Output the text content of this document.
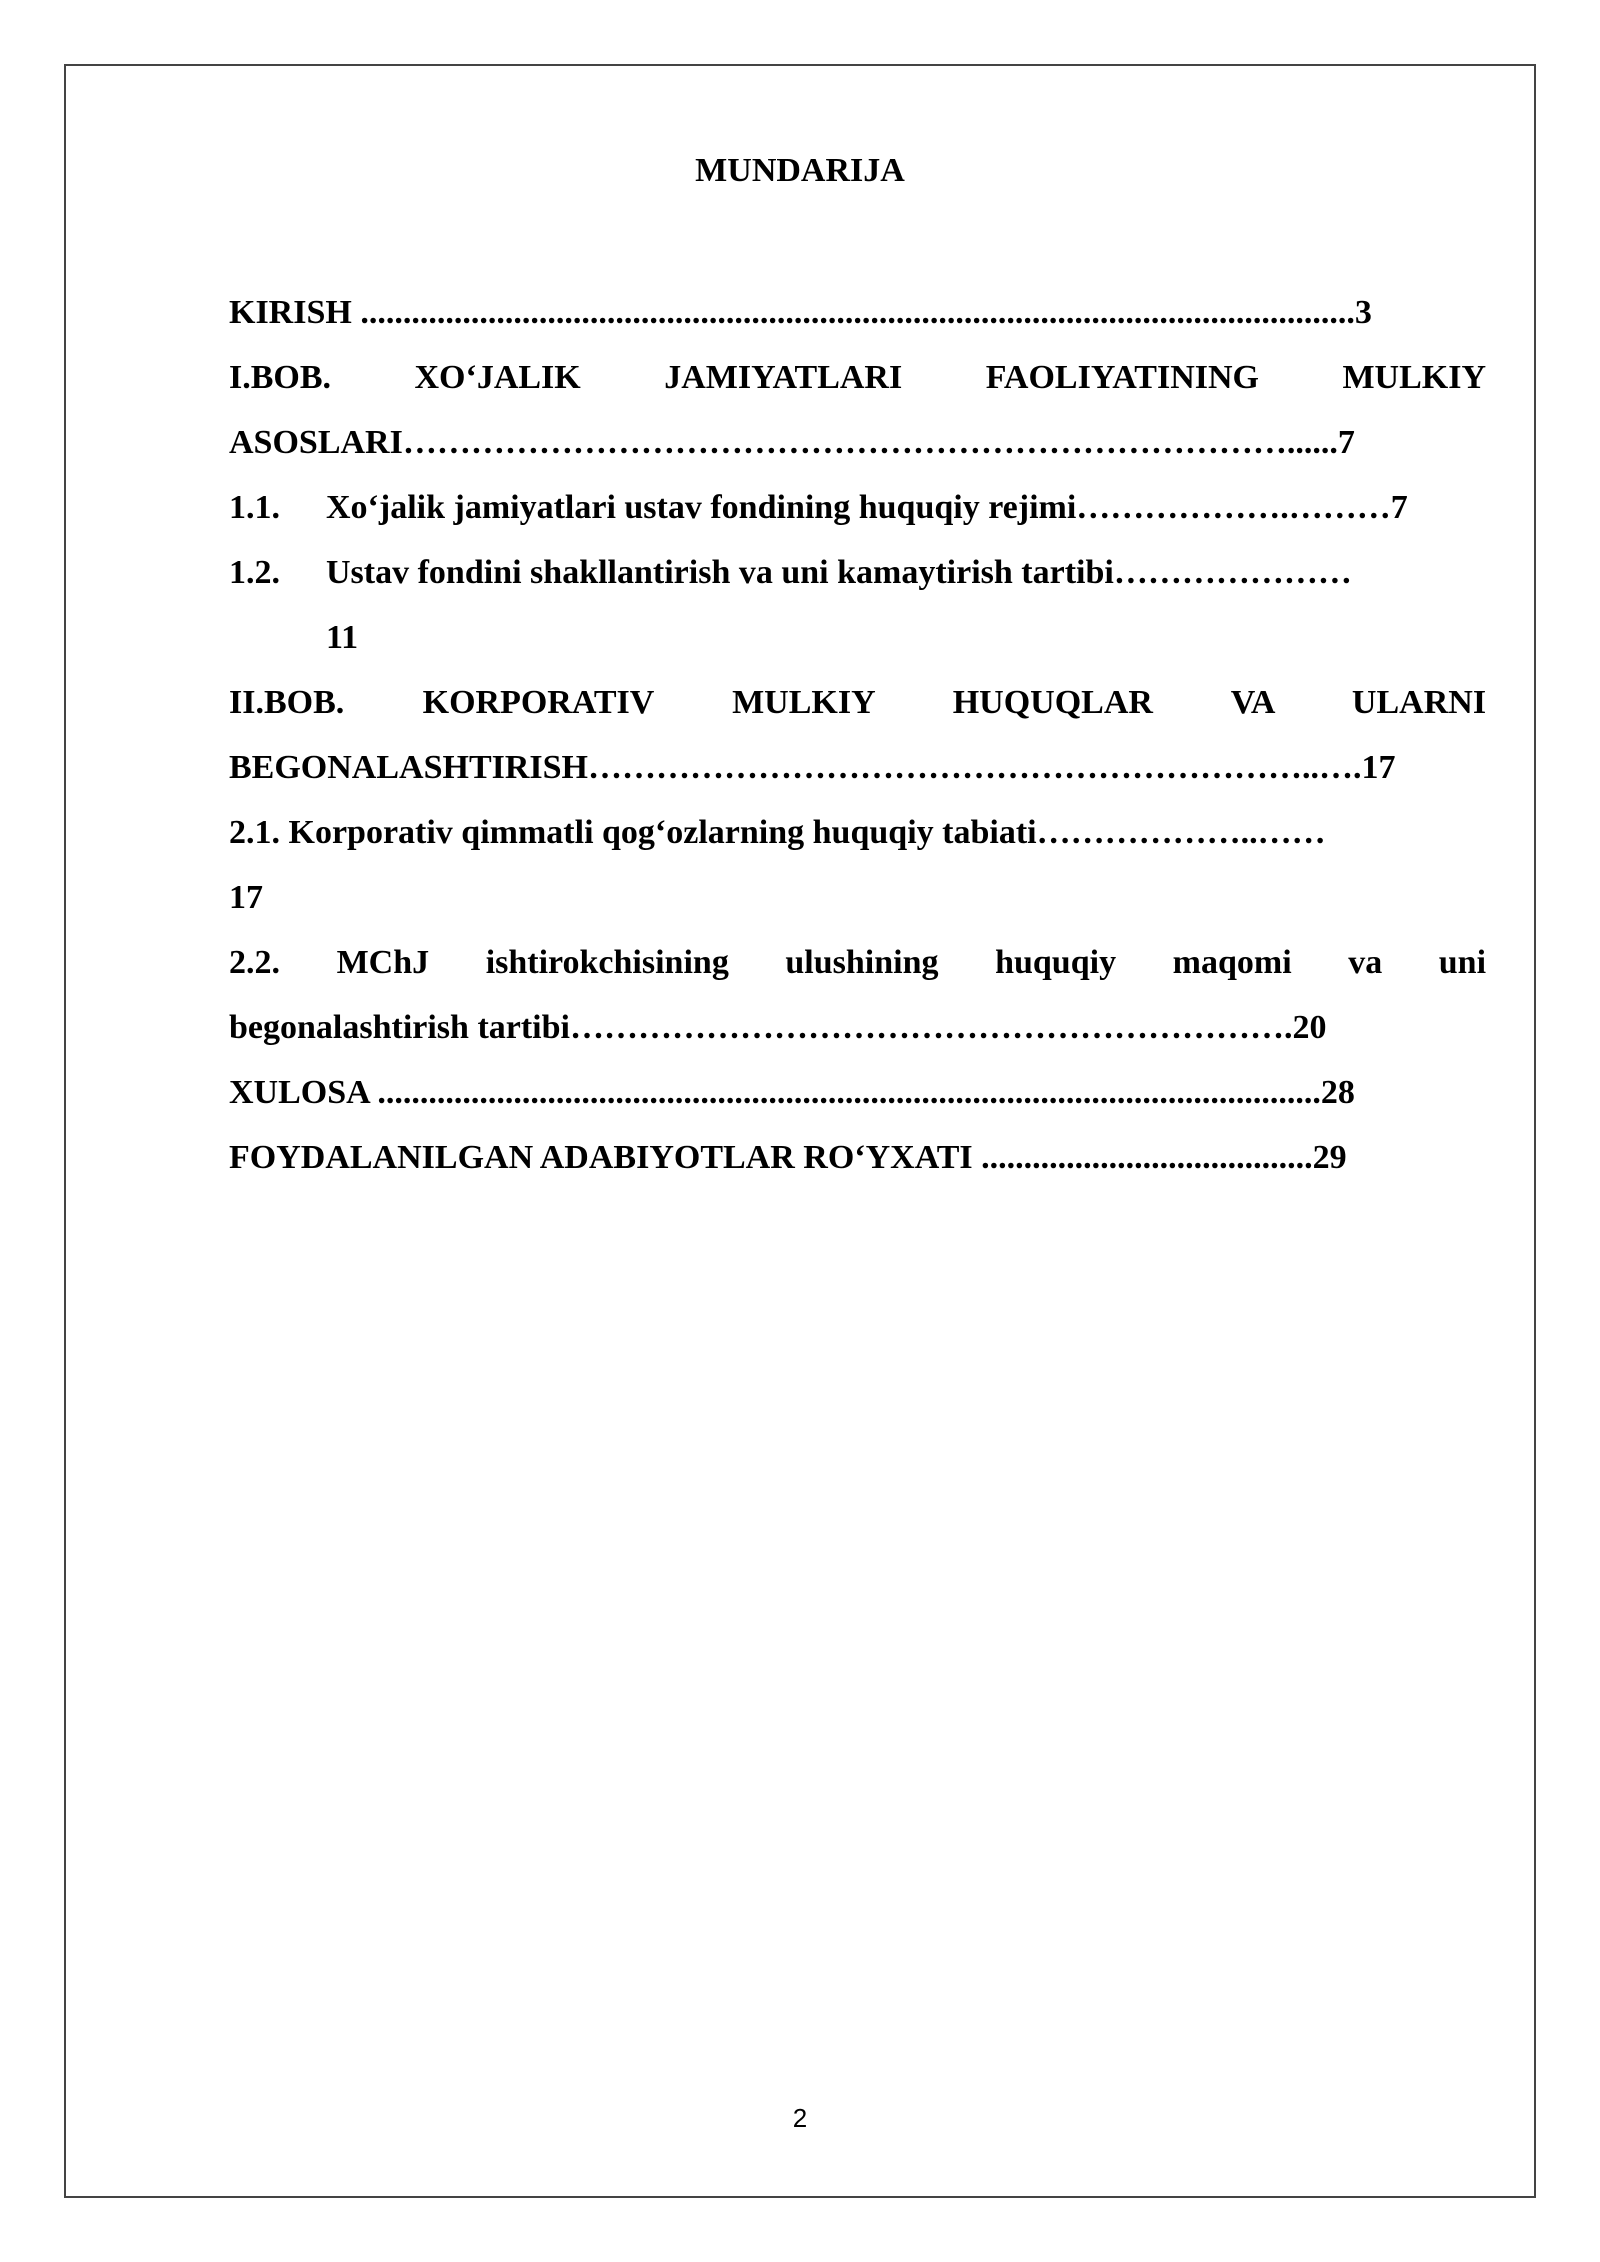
MUNDARIJA
KIRISH .....................................................................................................................3
I.BOB. XO‘JALIK JAMIYATLARI FAOLIYATINING MULKIY
ASOSLARI……………………………………………………………………......7
1.1. Xo‘jalik jamiyatlari ustav fondining huquqiy rejimi……………….………7
1.2. Ustav fondini shakllantirish va uni kamaytirish tartibi…………………
11
II.BOB. KORPORATIV MULKIY HUQUQLAR VA ULARNI
BEGONALASHTIRISH………………………………………………………..….17
2.1. Korporativ qimmatli qog‘ozlarning huquqiy tabiati………………..……
17
2.2. MChJ ishtirokchisining ulushining huquqiy maqomi va uni
begonalashtirish tartibi……………………………………………………….20
XULOSA ...............................................................................................................28
FOYDALANILGAN ADABIYOTLAR RO‘YXATI .......................................29
2
